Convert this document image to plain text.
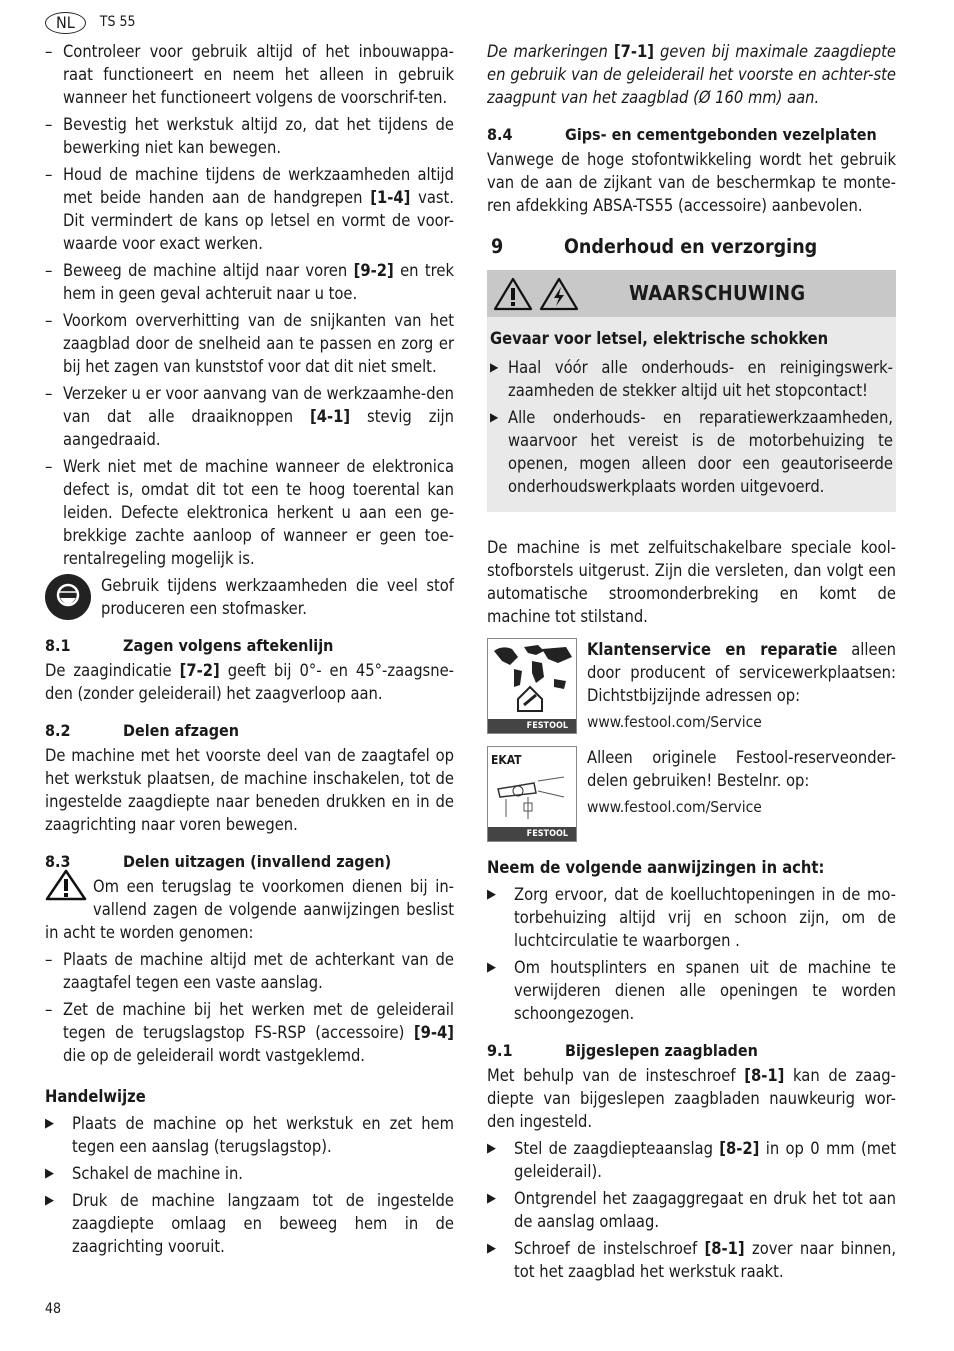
NL	TS 55
– Controleer voor gebruik altijd of het inbouwappa-raat functioneert en neem het alleen in gebruik wanneer het functioneert volgens de voorschrif-ten.
– Bevestig het werkstuk altijd zo, dat het tijdens de bewerking niet kan bewegen.
– Houd de machine tijdens de werkzaamheden altijd met beide handen aan de handgrepen [1-4] vast. Dit vermindert de kans op letsel en vormt de voor-waarde voor exact werken.
– Beweeg de machine altijd naar voren [9-2] en trek hem in geen geval achteruit naar u toe.
– Voorkom oververhitting van de snijkanten van het zaagblad door de snelheid aan te passen en zorg er bij het zagen van kunststof voor dat dit niet smelt.
– Verzeker u er voor aanvang van de werkzaamhe-den van dat alle draaiknoppen [4-1] stevig zijn aangedraaid.
– Werk niet met de machine wanneer de elektronica defect is, omdat dit tot een te hoog toerental kan leiden. Defecte elektronica herkent u aan een ge-brekkige zachte aanloop of wanneer er geen toe-rentalregeling mogelijk is.

Gebruik tijdens werkzaamheden die veel stof produceren een stofmasker.

8.1	Zagen volgens aftekenlijn

De zaagindicatie [7-2] geeft bij 0°- en 45°-zaagsne-den (zonder geleiderail) het zaagverloop aan.

8.2	Delen afzagen

De machine met het voorste deel van de zaagtafel op het werkstuk plaatsen, de machine inschakelen, tot de ingestelde zaagdiepte naar beneden drukken en in de zaagrichting naar voren bewegen.

8.3	Delen uitzagen (invallend zagen)

Om een terugslag te voorkomen dienen bij in-vallend zagen de volgende aanwijzingen beslist in acht te worden genomen:

– Plaats de machine altijd met de achterkant van de zaagtafel tegen een vaste aanslag.
– Zet de machine bij het werken met de geleiderail tegen de terugslagstop FS-RSP (accessoire) [9-4] die op de geleiderail wordt vastgeklemd.
Handelwijze
▶ Plaats de machine op het werkstuk en zet hem tegen een aanslag (terugslagstop).
▶ Schakel de machine in.
▶ Druk de machine langzaam tot de ingestelde zaagdiepte omlaag en beweeg hem in de zaagrichting vooruit.

De markeringen [7-1] geven bij maximale zaagdiepte en gebruik van de geleiderail het voorste en achter-ste zaagpunt van het zaagblad (Ø 160 mm) aan.

8.4	Gips- en cementgebonden vezelplaten

Vanwege de hoge stofontwikkeling wordt het gebruik van de aan de zijkant van de beschermkap te monte-ren afdekking ABSA-TS55 (accessoire) aanbevolen.

9	Onderhoud en verzorging
WAARSCHUWING
Gevaar voor letsel, elektrische schokken
▶ Haal vóór alle onderhouds- en reinigingswerk-zaamheden de stekker altijd uit het stopcontact!
▶ Alle onderhouds- en reparatiewerkzaamheden, waarvoor het vereist is de motorbehuizing te openen, mogen alleen door een geautoriseerde onderhoudswerkplaats worden uitgevoerd.

De machine is met zelfuitschakelbare speciale kool-stofborstels uitgerust. Zijn die versleten, dan volgt een automatische stroomonderbreking en komt de machine tot stilstand.

FESTOOL

Klantenservice en reparatie alleen door producent of servicewerkplaatsen: Dichtstbijzijnde adressen op:

www.festool.com/Service
EKAT
FESTOOL

Alleen originele Festool-reserveonder-delen gebruiken! Bestelnr. op:

www.festool.com/Service
Neem de volgende aanwijzingen in acht:
▶ Zorg ervoor, dat de koelluchtopeningen in de mo-torbehuizing altijd vrij en schoon zijn, om de luchtcirculatie te waarborgen .
▶ Om houtsplinters en spanen uit de machine te verwijderen dienen alle openingen te worden schoongezogen.
9.1	Bijgeslepen zaagbladen

Met behulp van de insteschroef [8-1] kan de zaag-diepte van bijgeslepen zaagbladen nauwkeurig wor-den ingesteld.

▶ Stel de zaagdiepteaanslag [8-2] in op 0 mm (met geleiderail).
▶ Ontgrendel het zaagaggregaat en druk het tot aan de aanslag omlaag.
▶ Schroef de instelschroef [8-1] zover naar binnen, tot het zaagblad het werkstuk raakt.
48
